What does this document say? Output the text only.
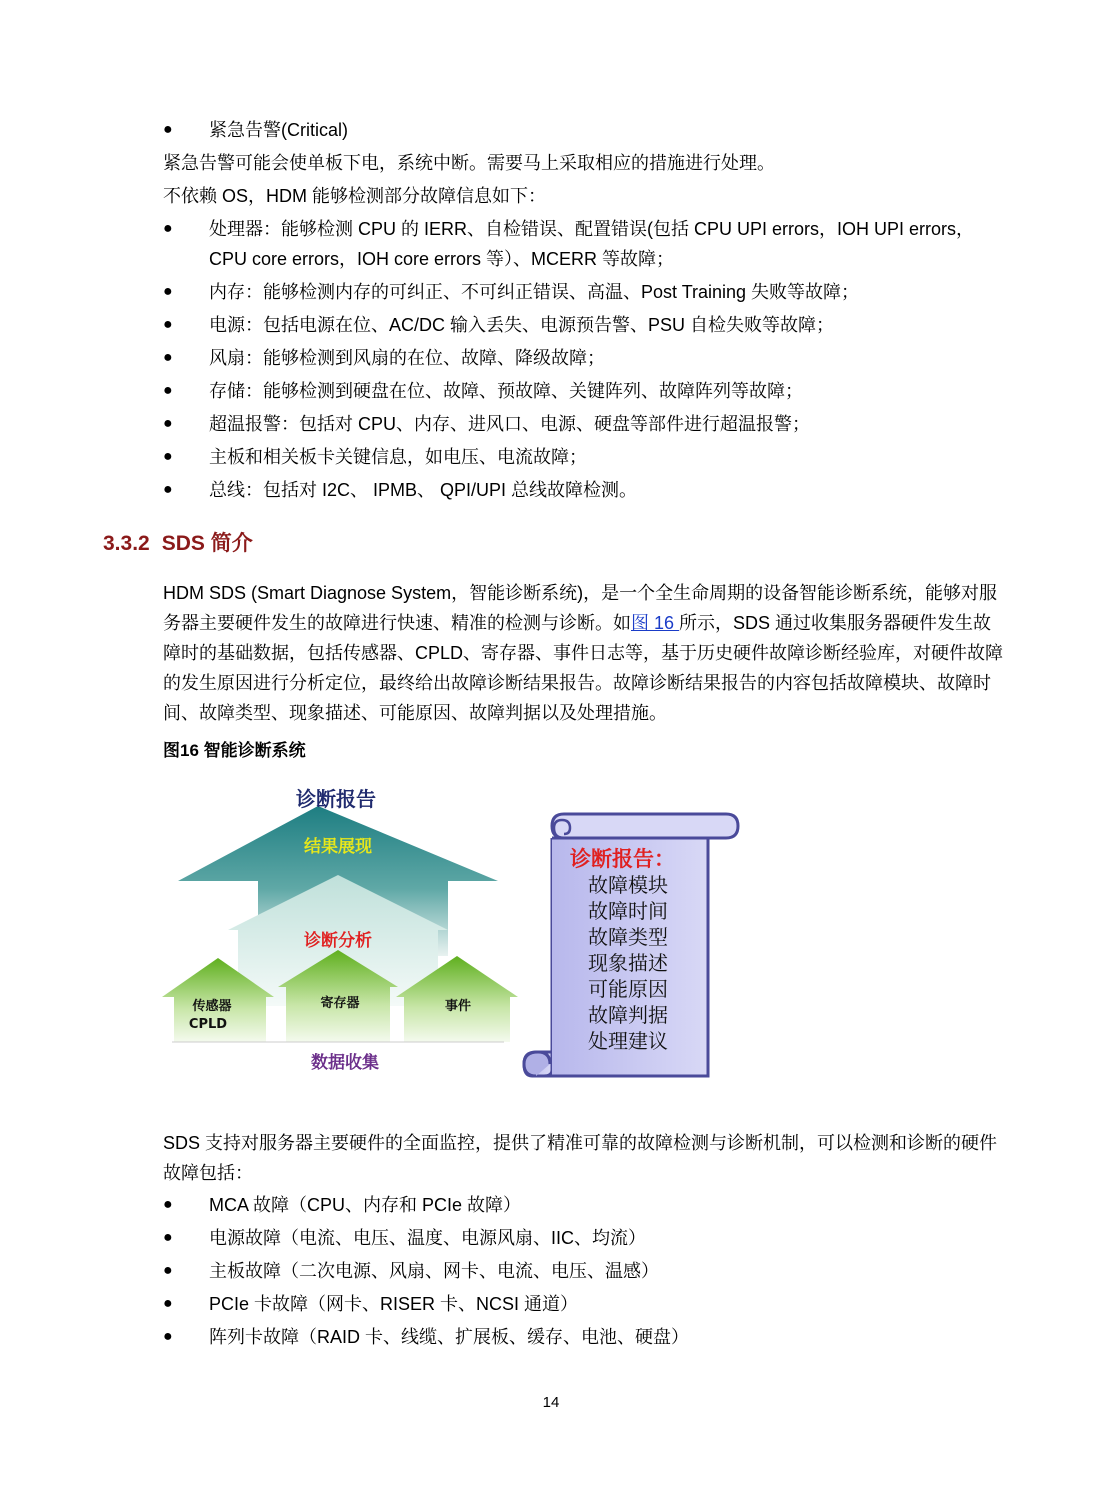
●	紧急告警(Critical)

紧急告警可能会使单板下电，系统中断。需要马上采取相应的措施进行处理。

不依赖 OS，HDM 能够检测部分故障信息如下：

●	处理器：能够检测 CPU 的 IERR、自检错误、配置错误(包括 CPU UPI errors，IOH UPI errors，CPU core errors，IOH core errors 等）、MCERR 等故障；
●	内存：能够检测内存的可纠正、不可纠正错误、高温、Post Training 失败等故障；
●	电源：包括电源在位、AC/DC 输入丢失、电源预告警、PSU 自检失败等故障；
●	风扇：能够检测到风扇的在位、故障、降级故障；
●	存储：能够检测到硬盘在位、故障、预故障、关键阵列、故障阵列等故障；
●	超温报警：包括对 CPU、内存、进风口、电源、硬盘等部件进行超温报警；
●	主板和相关板卡关键信息，如电压、电流故障；
●	总线：包括对 I2C、 IPMB、 QPI/UPI 总线故障检测。
3.3.2 SDS 简介

HDM SDS (Smart Diagnose System，智能诊断系统)，是一个全生命周期的设备智能诊断系统，能够对服务器主要硬件发生的故障进行快速、精准的检测与诊断。如图 16 所示，SDS 通过收集服务器硬件发生故障时的基础数据，包括传感器、CPLD、寄存器、事件日志等，基于历史硬件故障诊断经验库，对硬件故障的发生原因进行分析定位，最终给出故障诊断结果报告。故障诊断结果报告的内容包括故障模块、故障时间、故障类型、现象描述、可能原因、故障判据以及处理措施。

图16 智能诊断系统
诊断报告
结果展现
诊断分析
传感器
CPLD
寄存器	事件
数据收集
诊断报告：
故障模块
故障时间
故障类型
现象描述
可能原因
故障判据
处理建议

SDS 支持对服务器主要硬件的全面监控，提供了精准可靠的故障检测与诊断机制，可以检测和诊断的硬件故障包括：

●	MCA 故障（CPU、内存和 PCIe 故障）
●	电源故障（电流、电压、温度、电源风扇、IIC、均流）
●	主板故障（二次电源、风扇、网卡、电流、电压、温感）
●	PCIe 卡故障（网卡、RISER 卡、NCSI 通道）
●	阵列卡故障（RAID 卡、线缆、扩展板、缓存、电池、硬盘）
14
